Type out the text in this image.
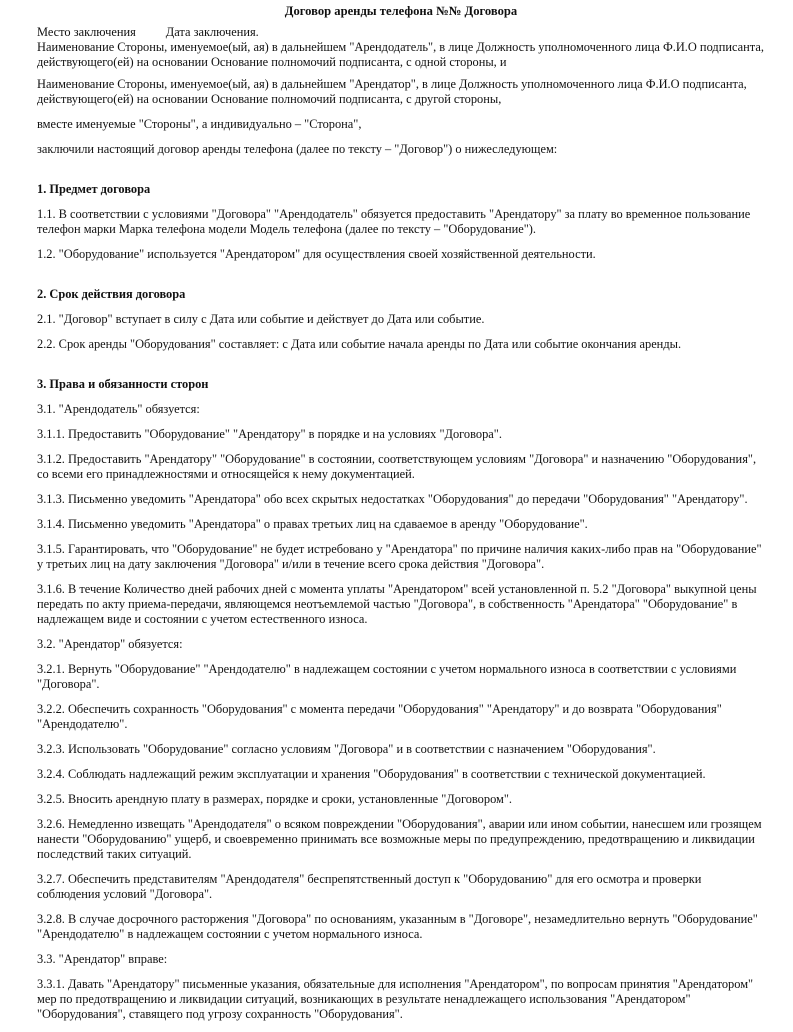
Договор аренды телефона №№ Договора

Место заключения Дата заключения.

Наименование Стороны, именуемое(ый, ая) в дальнейшем "Арендодатель", в лице Должность уполномоченного лица Ф.И.О подписанта, действующего(ей) на основании Основание полномочий подписанта, с одной стороны, и

Наименование Стороны, именуемое(ый, ая) в дальнейшем "Арендатор", в лице Должность уполномоченного лица Ф.И.О подписанта, действующего(ей) на основании Основание полномочий подписанта, с другой стороны,

вместе именуемые "Стороны", а индивидуально – "Сторона",

заключили настоящий договор аренды телефона (далее по тексту – "Договор") о нижеследующем:

1. Предмет договора

1.1. В соответствии с условиями "Договора" "Арендодатель" обязуется предоставить "Арендатору" за плату во временное пользование телефон марки Марка телефона модели Модель телефона (далее по тексту – "Оборудование").

1.2. "Оборудование" используется "Арендатором" для осуществления своей хозяйственной деятельности.

2. Срок действия договора

2.1. "Договор" вступает в силу с Дата или событие и действует до Дата или событие.

2.2. Срок аренды "Оборудования" составляет: с Дата или событие начала аренды по Дата или событие окончания аренды.

3. Права и обязанности сторон

3.1. "Арендодатель" обязуется:

3.1.1. Предоставить "Оборудование" "Арендатору" в порядке и на условиях "Договора".

3.1.2. Предоставить "Арендатору" "Оборудование" в состоянии, соответствующем условиям "Договора" и назначению "Оборудования", со всеми его принадлежностями и относящейся к нему документацией.

3.1.3. Письменно уведомить "Арендатора" обо всех скрытых недостатках "Оборудования" до передачи "Оборудования" "Арендатору".

3.1.4. Письменно уведомить "Арендатора" о правах третьих лиц на сдаваемое в аренду "Оборудование".

3.1.5. Гарантировать, что "Оборудование" не будет истребовано у "Арендатора" по причине наличия каких-либо прав на "Оборудование" у третьих лиц на дату заключения "Договора" и/или в течение всего срока действия "Договора".

3.1.6. В течение Количество дней рабочих дней с момента уплаты "Арендатором" всей установленной п. 5.2 "Договора" выкупной цены передать по акту приема-передачи, являющемся неотъемлемой частью "Договора", в собственность "Арендатора" "Оборудование" в надлежащем виде и состоянии с учетом естественного износа.

3.2. "Арендатор" обязуется:

3.2.1. Вернуть "Оборудование" "Арендодателю" в надлежащем состоянии с учетом нормального износа в соответствии с условиями "Договора".

3.2.2. Обеспечить сохранность "Оборудования" с момента передачи "Оборудования" "Арендатору" и до возврата "Оборудования" "Арендодателю".

3.2.3. Использовать "Оборудование" согласно условиям "Договора" и в соответствии с назначением "Оборудования".

3.2.4. Соблюдать надлежащий режим эксплуатации и хранения "Оборудования" в соответствии с технической документацией.

3.2.5. Вносить арендную плату в размерах, порядке и сроки, установленные "Договором".

3.2.6. Немедленно извещать "Арендодателя" о всяком повреждении "Оборудования", аварии или ином событии, нанесшем или грозящем нанести "Оборудованию" ущерб, и своевременно принимать все возможные меры по предупреждению, предотвращению и ликвидации последствий таких ситуаций.

3.2.7. Обеспечить представителям "Арендодателя" беспрепятственный доступ к "Оборудованию" для его осмотра и проверки соблюдения условий "Договора".

3.2.8. В случае досрочного расторжения "Договора" по основаниям, указанным в "Договоре", незамедлительно вернуть "Оборудование" "Арендодателю" в надлежащем состоянии с учетом нормального износа.

3.3. "Арендатор" вправе:

3.3.1. Давать "Арендатору" письменные указания, обязательные для исполнения "Арендатором", по вопросам принятия "Арендатором" мер по предотвращению и ликвидации ситуаций, возникающих в результате ненадлежащего использования "Арендатором" "Оборудования", ставящего под угрозу сохранность "Оборудования".
